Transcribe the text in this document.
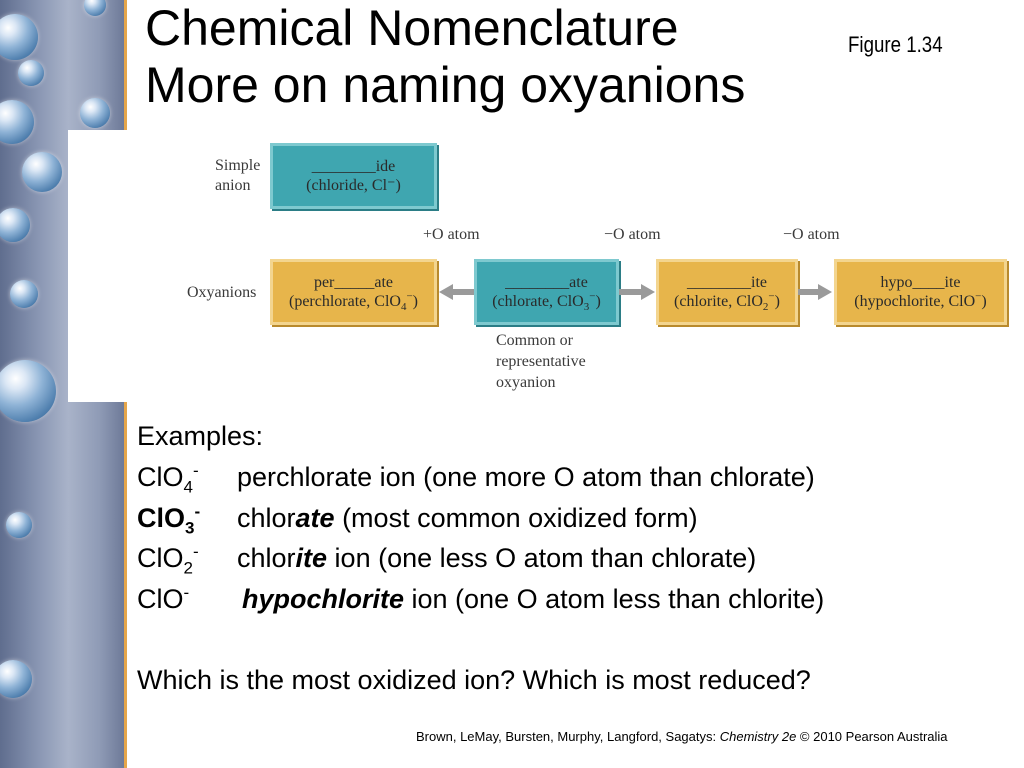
Chemical Nomenclature
More on naming oxyanions
Figure 1.34
Simple
anion
________ide
(chloride, Cl⁻)
+O atom	−O atom	−O atom
Oxyanions
per_____ate
(perchlorate, ClO$_4$−)
________ate
(chlorate, ClO$_3$−)
________ite
(chlorite, ClO$_2$−)
hypo____ite
(hypochlorite, ClO−)
Common or
representative
oxyanion
Examples:
ClO$_4$- perchlorate ion (one more O atom than chlorate)
ClO$_3$- chlorate (most common oxidized form)
ClO$_2$- chlorite ion (one less O atom than chlorate)
ClO- hypochlorite ion (one O atom less than chlorite)
Which is the most oxidized ion? Which is most reduced?
Brown, LeMay, Bursten, Murphy, Langford, Sagatys: Chemistry 2e © 2010 Pearson Australia
